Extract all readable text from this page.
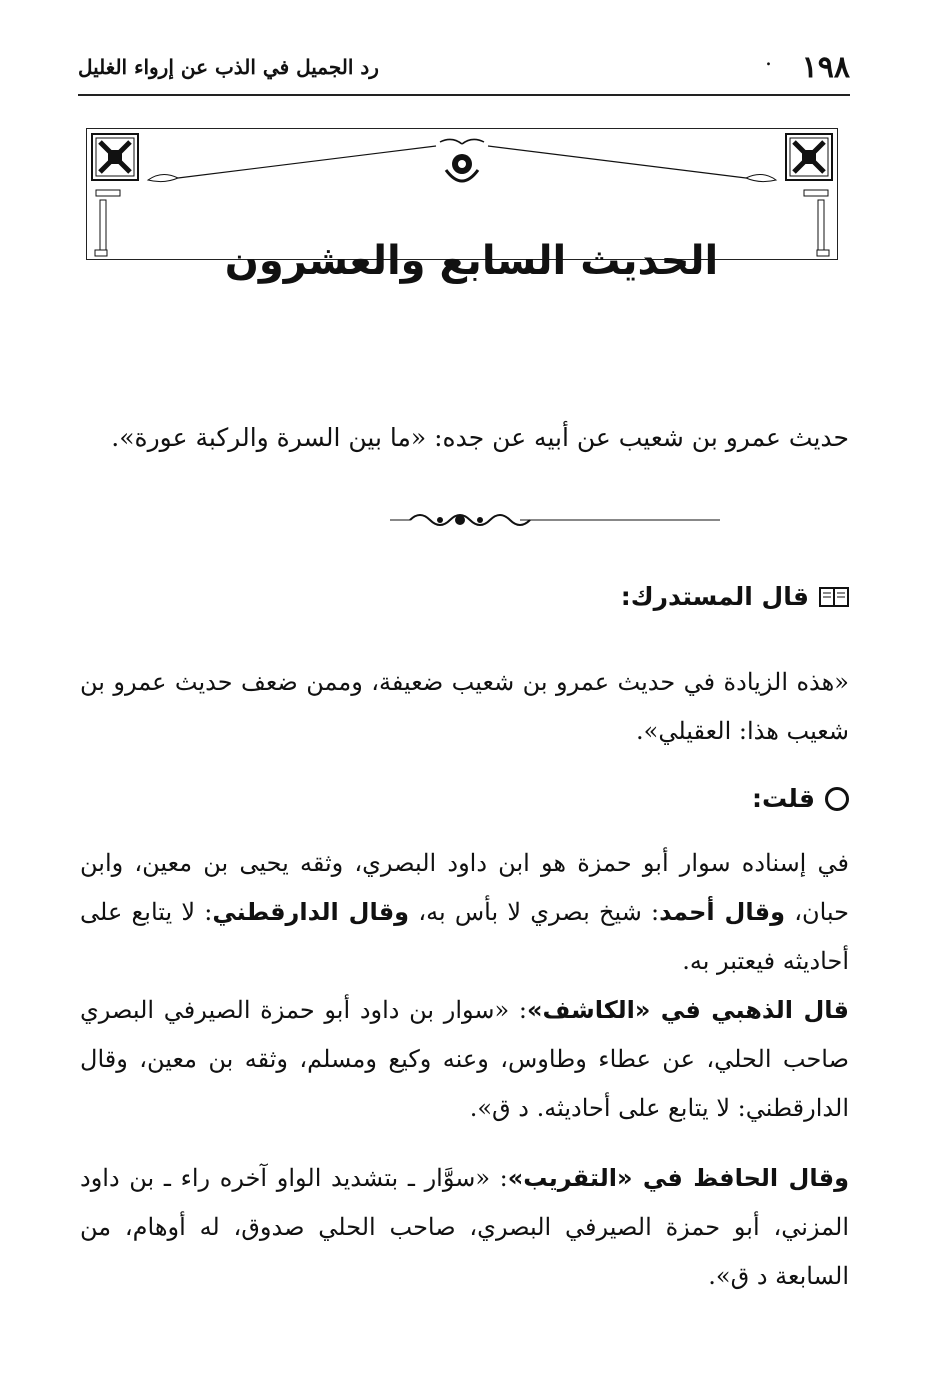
١٩٨
.
رد الجميل في الذب عن إرواء الغليل
الحديث السابع والعشرون

حديث عمرو بن شعيب عن أبيه عن جده: «ما بين السرة والركبة عورة».

قال المستدرك:

«هذه الزيادة في حديث عمرو بن شعيب ضعيفة، وممن ضعف حديث عمرو بن شعيب هذا: العقيلي».

قلت:

في إسناده سوار أبو حمزة هو ابن داود البصري، وثقه يحيى بن معين، وابن حبان، وقال أحمد: شيخ بصري لا بأس به، وقال الدارقطني: لا يتابع على أحاديثه فيعتبر به.

قال الذهبي في «الكاشف»: «سوار بن داود أبو حمزة الصيرفي البصري صاحب الحلي، عن عطاء وطاوس، وعنه وكيع ومسلم، وثقه بن معين، وقال الدارقطني: لا يتابع على أحاديثه. د ق».

وقال الحافظ في «التقريب»: «سوَّار ـ بتشديد الواو آخره راء ـ بن داود المزني، أبو حمزة الصيرفي البصري، صاحب الحلي صدوق، له أوهام، من السابعة د ق».
